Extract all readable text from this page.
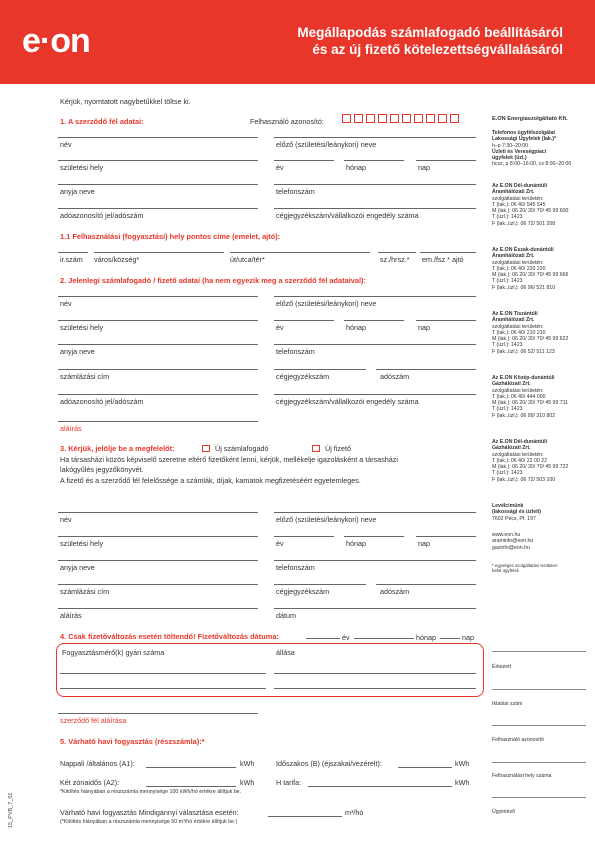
e·on	Megállapodás számlafogadó beállításáról
és az új fizető kötelezettségvállalásáról
Kérjük, nyomtatott nagybetűkkel töltse ki.
1. A szerződő fél adatai:	Felhasználó azonosító:
név	előző (születési/leánykori) neve
születési hely	év	hónap	nap
anyja neve	telefonszám
adóazonosító jel/adószám	cégjegyzékszám/vállalkozói engedély száma
1.1 Felhasználási (fogyasztási) hely pontos címe (emelet, ajtó):
ir.szám város/község*	út/utca/tér*	sz./hrsz.* em./fsz.* ajtó
2. Jelenlegi számlafogadó / fizető adatai (ha nem egyezik meg a szerződő fél adataival):
név	előző (születési/leánykori) neve
születési hely	év	hónap	nap
anyja neve	telefonszám
számlázási cím	cégjegyzékszám	adószám
adóazonosító jel/adószám	cégjegyzékszám/vállalkozói engedély száma
aláírás
3. Kérjük, jelölje be a megfelelőt:	Új számlafogadó	Új fizető
Ha társasházi közös képviselő szeretne eltérő fizetőként lenni, kérjük, mellékelje igazolásként a társasházi
lakógyűlés jegyzőkönyvét.
A fizető és a szerződő fél felelőssége a számlák, díjak, kamatok megfizetéséért egyetemleges.
név	előző (születési/leánykori) neve
születési hely	év	hónap	nap
anyja neve	telefonszám
számlázási cím	cégjegyzékszám	adószám
aláírás	dátum
4. Csak fizetőváltozás esetén töltendő! Fizetőváltozás dátuma:	év	hónap	nap
Fogyasztásmérő(k) gyári száma	állása
szerződő fél aláírása
5. Várható havi fogyasztás (részszámla):*
Nappali /általános (A1):	kWh	Időszakos (B) (éjszakai/vezérelt):	kWh
Két zónaidős (A2):	kWh	H tarifa:	kWh
*Kitöltés hiányában a részszámla mennyisége 100 kWh/hó értékre állítjuk be.
Várható havi fogyasztás Mindigannyi választása esetén:	m³/hó
(*Kitöltés hiányában a részszámla mennyisége 50 m³/hó értékre állítjuk be.)
15_PVB_7_01
E.ON Energiaszolgáltató Kft.
Telefonos ügyfélszolgálat
Lakossági Ügyfelek (lak.)*
h–p 7:30–20:00
Üzleti és Vereségpiaci
ügyfelek (üzl.)
hcsz, p 8:00–16:00, cs 8:00–20:00
Az E.ON Dél-dunántúli
Áramhálózati Zrt.
szolgáltatási területén:
T (lak.): 06 40/ 545 545
M (lak.): 06 20/ 30/ 70/ 45 99 600
T (üzl.): 1423
F (lak.,üzl.): 06 72/ 501 208
Az E.ON Észak-dunántúli
Áramhálózati Zrt.
szolgáltatási területén:
T (lak.): 06 40/ 220 220
M (lak.): 06 20/ 30/ 70/ 45 99 666
T (üzl.): 1423
F (lak.,üzl.): 06 96/ 521 810
Az E.ON Tiszántúli
Áramhálózati Zrt.
szolgáltatási területén:
T (lak.): 06 40/ 210 210
M (lak.): 06 20/ 30/ 70/ 45 99 622
T (üzl.): 1423
F (lak.,üzl.): 06 52/ 511 123
Az E.ON Közép-dunántúli
Gázhálózati Zrt.
szolgáltatási területén:
T (lak.): 06 40/ 444 000
M (lak.): 06 20/ 30/ 70/ 45 99 711
T (üzl.): 1423
F (lak.,üzl.): 06 99/ 310 802
Az E.ON Dél-dunántúli
Gázhálózati Zrt.
szolgáltatási területén:
T (lak.): 06 40/ 22 00 22
M (lak.): 06 20/ 30/ 70/ 45 99 722
T (üzl.): 1423
F (lak.,üzl.): 06 72/ 503 100
Levélcímünk
(lakossági és üzleti)
7602 Pécs, Pf. 197
www.eon.hu
araminfo@eon.hu
gazinfo@eon.hu
* egységes szolgáltatási területen belül ügyfelek
Érkezett
Iktatási szám
Felhasználó azonosító
Felhasználási hely száma
Ügyintéző
